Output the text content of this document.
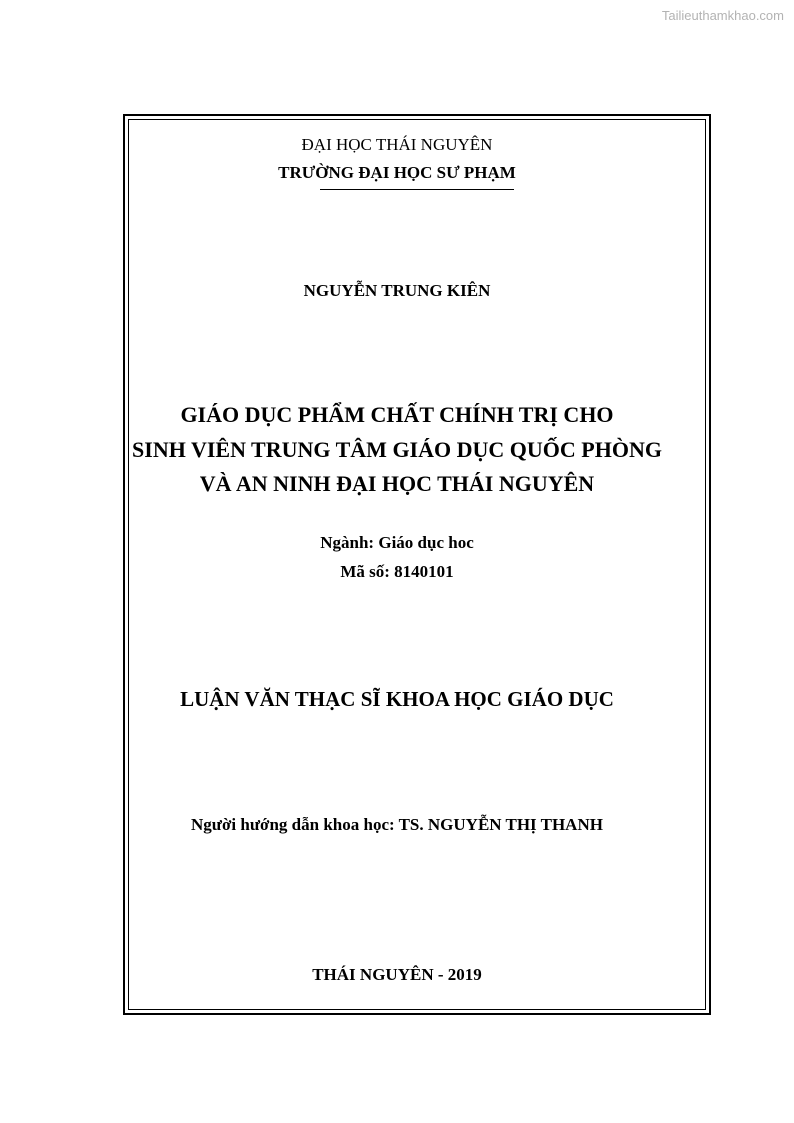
Tailieuthamkhao.com
ĐẠI HỌC THÁI NGUYÊN
TRƯỜNG ĐẠI HỌC SƯ PHẠM
NGUYỄN TRUNG KIÊN
GIÁO DỤC PHẨM CHẤT CHÍNH TRỊ CHO
SINH VIÊN TRUNG TÂM GIÁO DỤC QUỐC PHÒNG
VÀ AN NINH ĐẠI HỌC THÁI NGUYÊN
Ngành: Giáo dục hoc
Mã số: 8140101
LUẬN VĂN THẠC SĨ KHOA HỌC GIÁO DỤC
Người hướng dẫn khoa học: TS. NGUYỄN THỊ THANH
THÁI NGUYÊN - 2019
